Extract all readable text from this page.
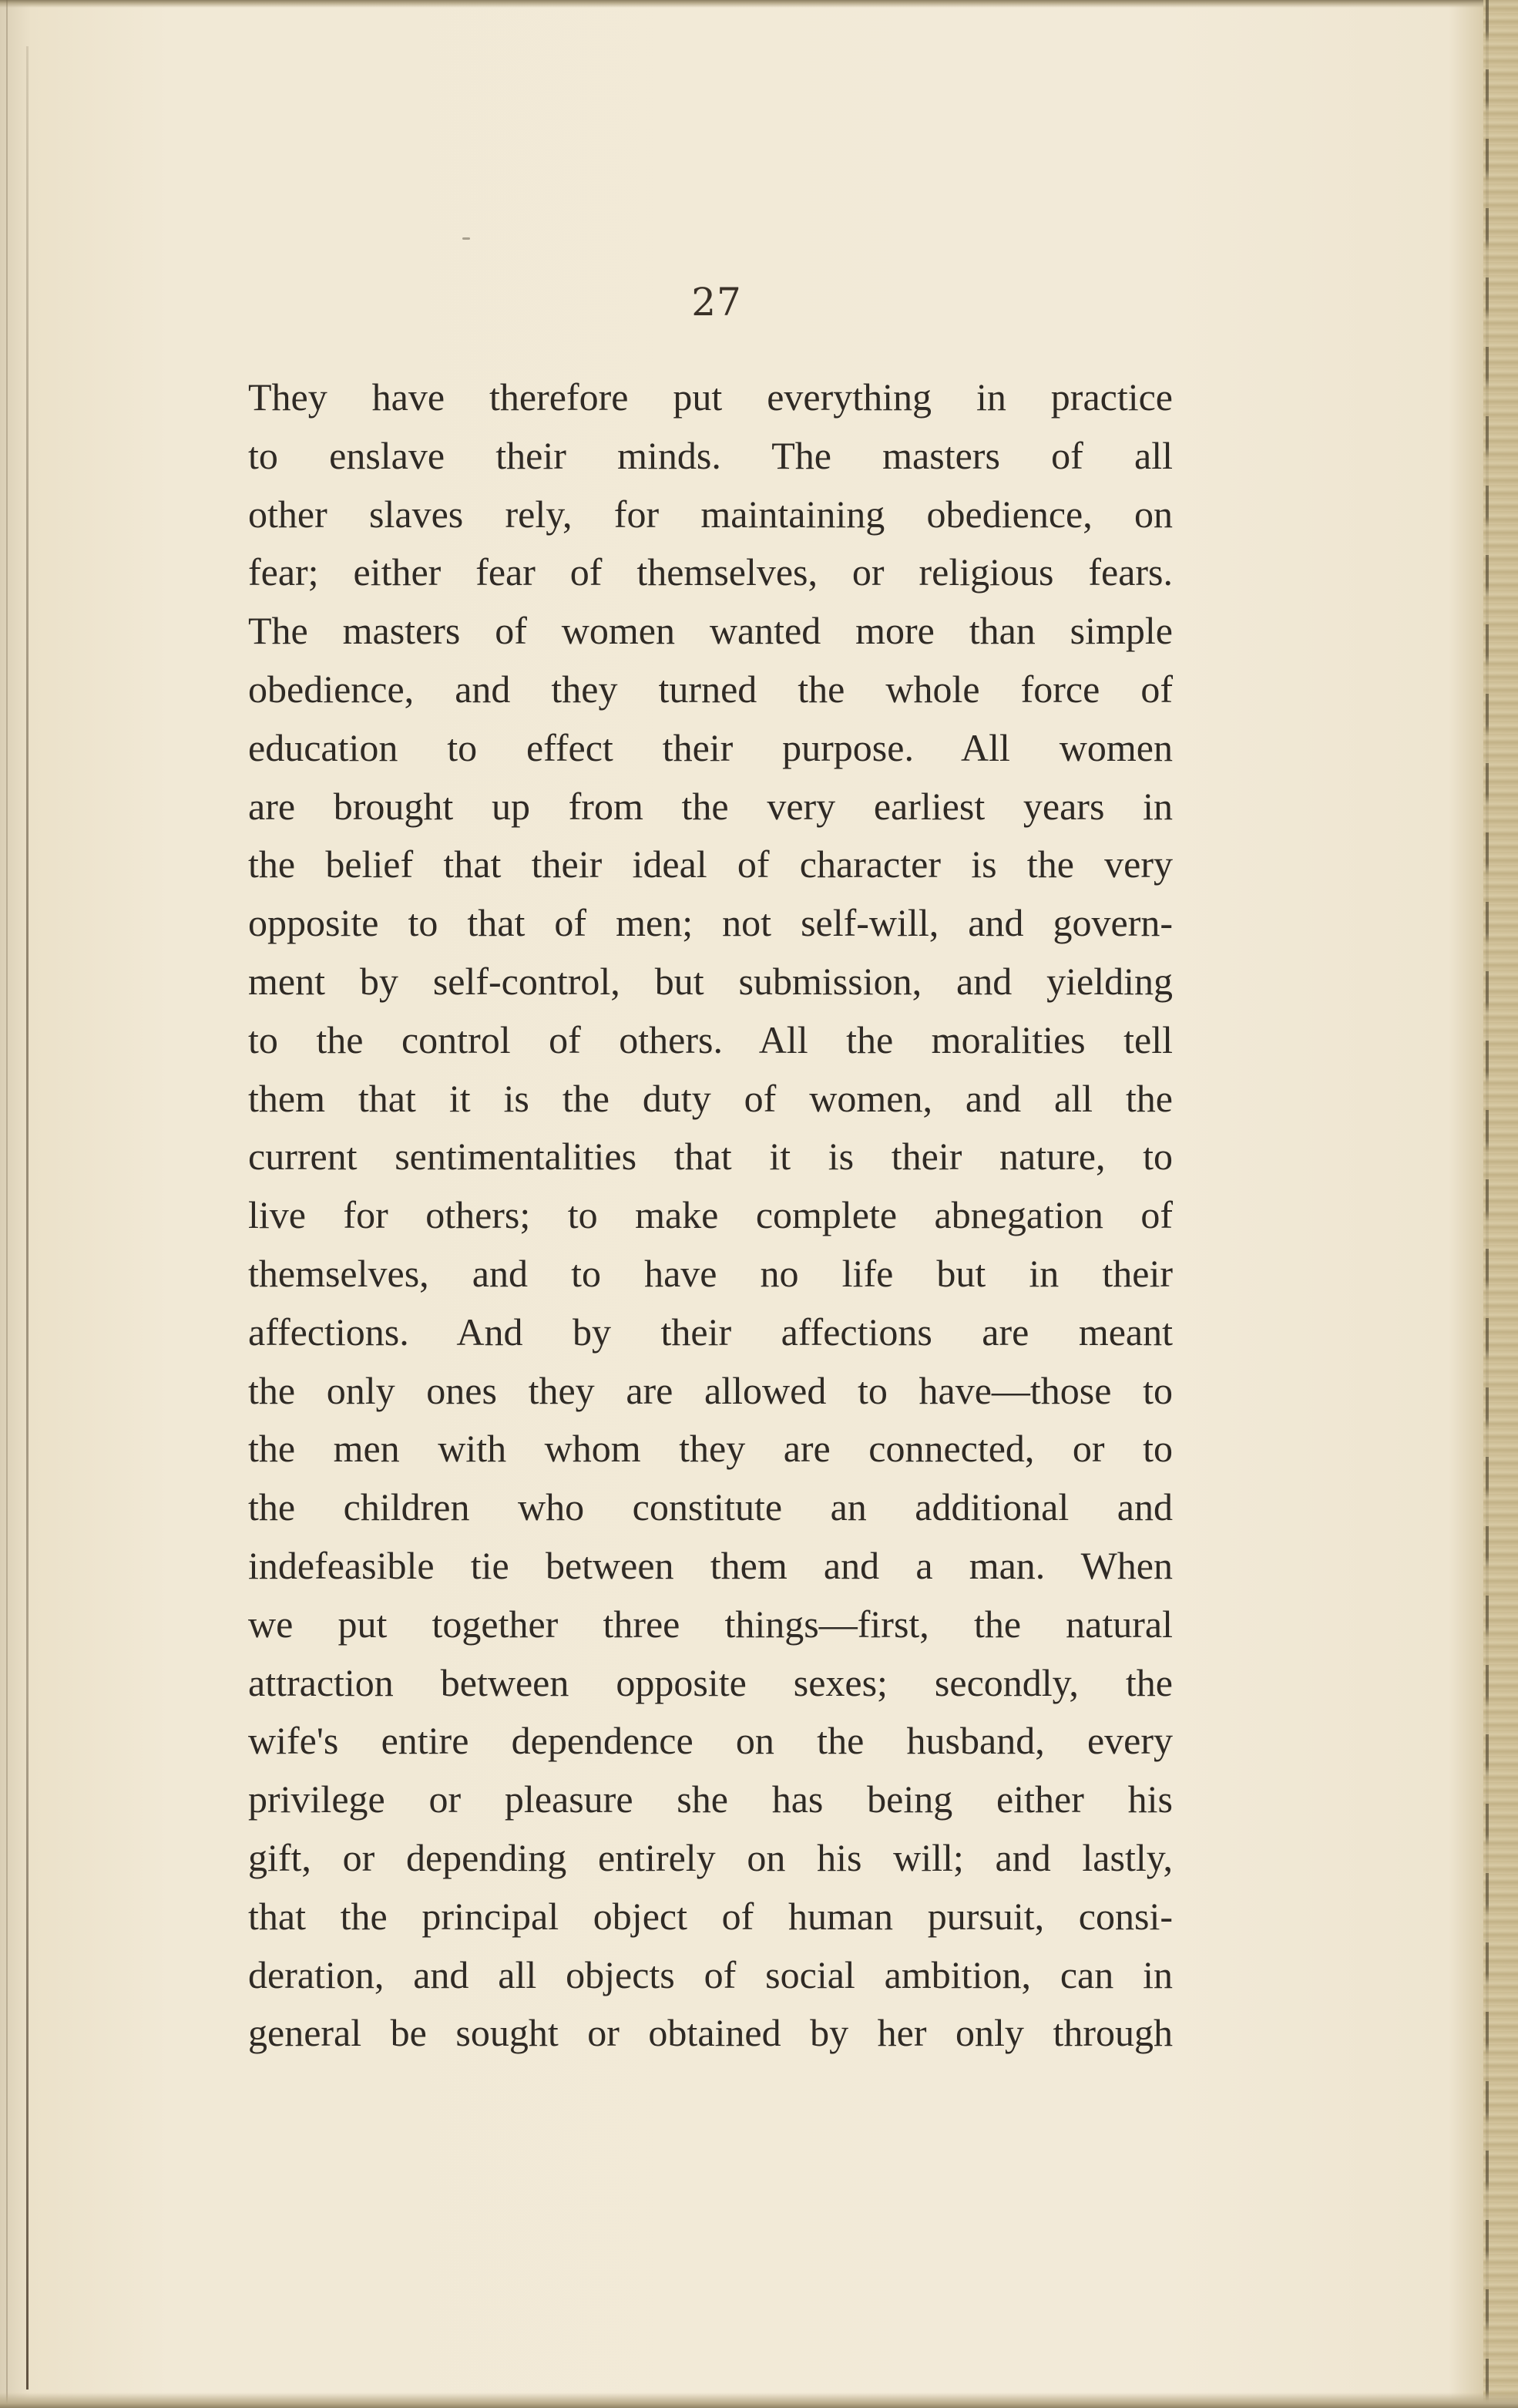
27
They have therefore put everything in practice
to enslave their minds. The masters of all
other slaves rely, for maintaining obedience, on
fear; either fear of themselves, or religious fears.
The masters of women wanted more than simple
obedience, and they turned the whole force of
education to effect their purpose. All women
are brought up from the very earliest years in
the belief that their ideal of character is the very
opposite to that of men; not self-will, and govern-
ment by self-control, but submission, and yielding
to the control of others. All the moralities tell
them that it is the duty of women, and all the
current sentimentalities that it is their nature, to
live for others; to make complete abnegation of
themselves, and to have no life but in their
affections. And by their affections are meant
the only ones they are allowed to have—those to
the men with whom they are connected, or to
the children who constitute an additional and
indefeasible tie between them and a man. When
we put together three things—first, the natural
attraction between opposite sexes; secondly, the
wife's entire dependence on the husband, every
privilege or pleasure she has being either his
gift, or depending entirely on his will; and lastly,
that the principal object of human pursuit, consi-
deration, and all objects of social ambition, can in
general be sought or obtained by her only through
